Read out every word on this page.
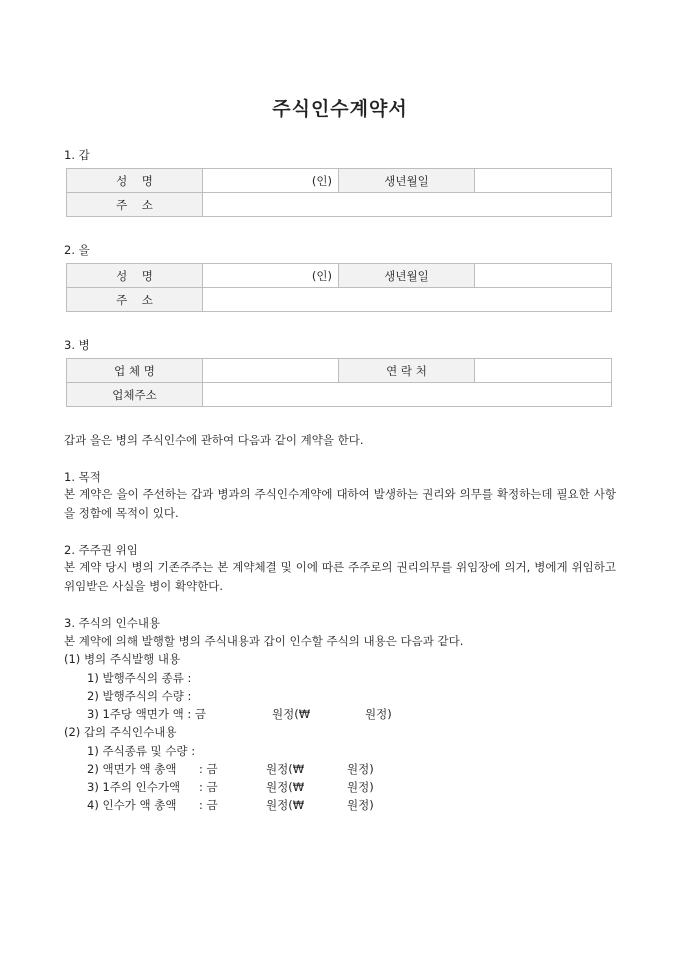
주식인수계약서
1. 갑
성    명	(인)	생년월일	
주    소			
2. 을
성    명	(인)	생년월일	
주    소			
3. 병
업 체 명		연 락 처	
업체주소			
갑과 을은 병의 주식인수에 관하여 다음과 같이 계약을 한다.
1. 목적
본 계약은 을이 주선하는 갑과 병과의 주식인수계약에 대하여 발생하는 권리와 의무를 확정하는데 필요한 사항을 정함에 목적이 있다.
2. 주주권 위임
본 계약 당시 병의 기존주주는 본 계약체결 및 이에 따른 주주로의 권리의무를 위임장에 의거, 병에게 위임하고 위임받은 사실을 병이 확약한다.
3. 주식의 인수내용
본 계약에 의해 발행할 병의 주식내용과 갑이 인수할 주식의 내용은 다음과 같다.
(1) 병의 주식발행 내용
1) 발행주식의 종류 :
2) 발행주식의 수량 :
3) 1주당 액면가 액 : 금	원정(₩	원정)
(2) 갑의 주식인수내용
1) 주식종류 및 수량 :
2) 액면가 액 총액 : 금	원정(₩	원정)
3) 1주의 인수가액 : 금	원정(₩	원정)
4) 인수가 액 총액 : 금	원정(₩	원정)
